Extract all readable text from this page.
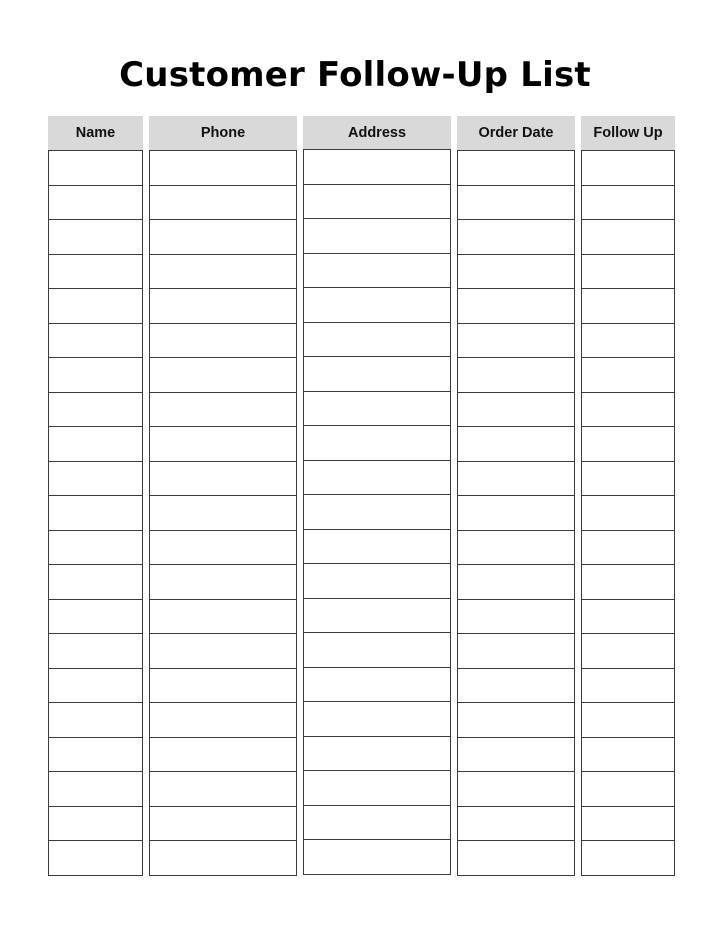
Customer Follow-Up List
Name	Phone	Address	Order Date	Follow Up
